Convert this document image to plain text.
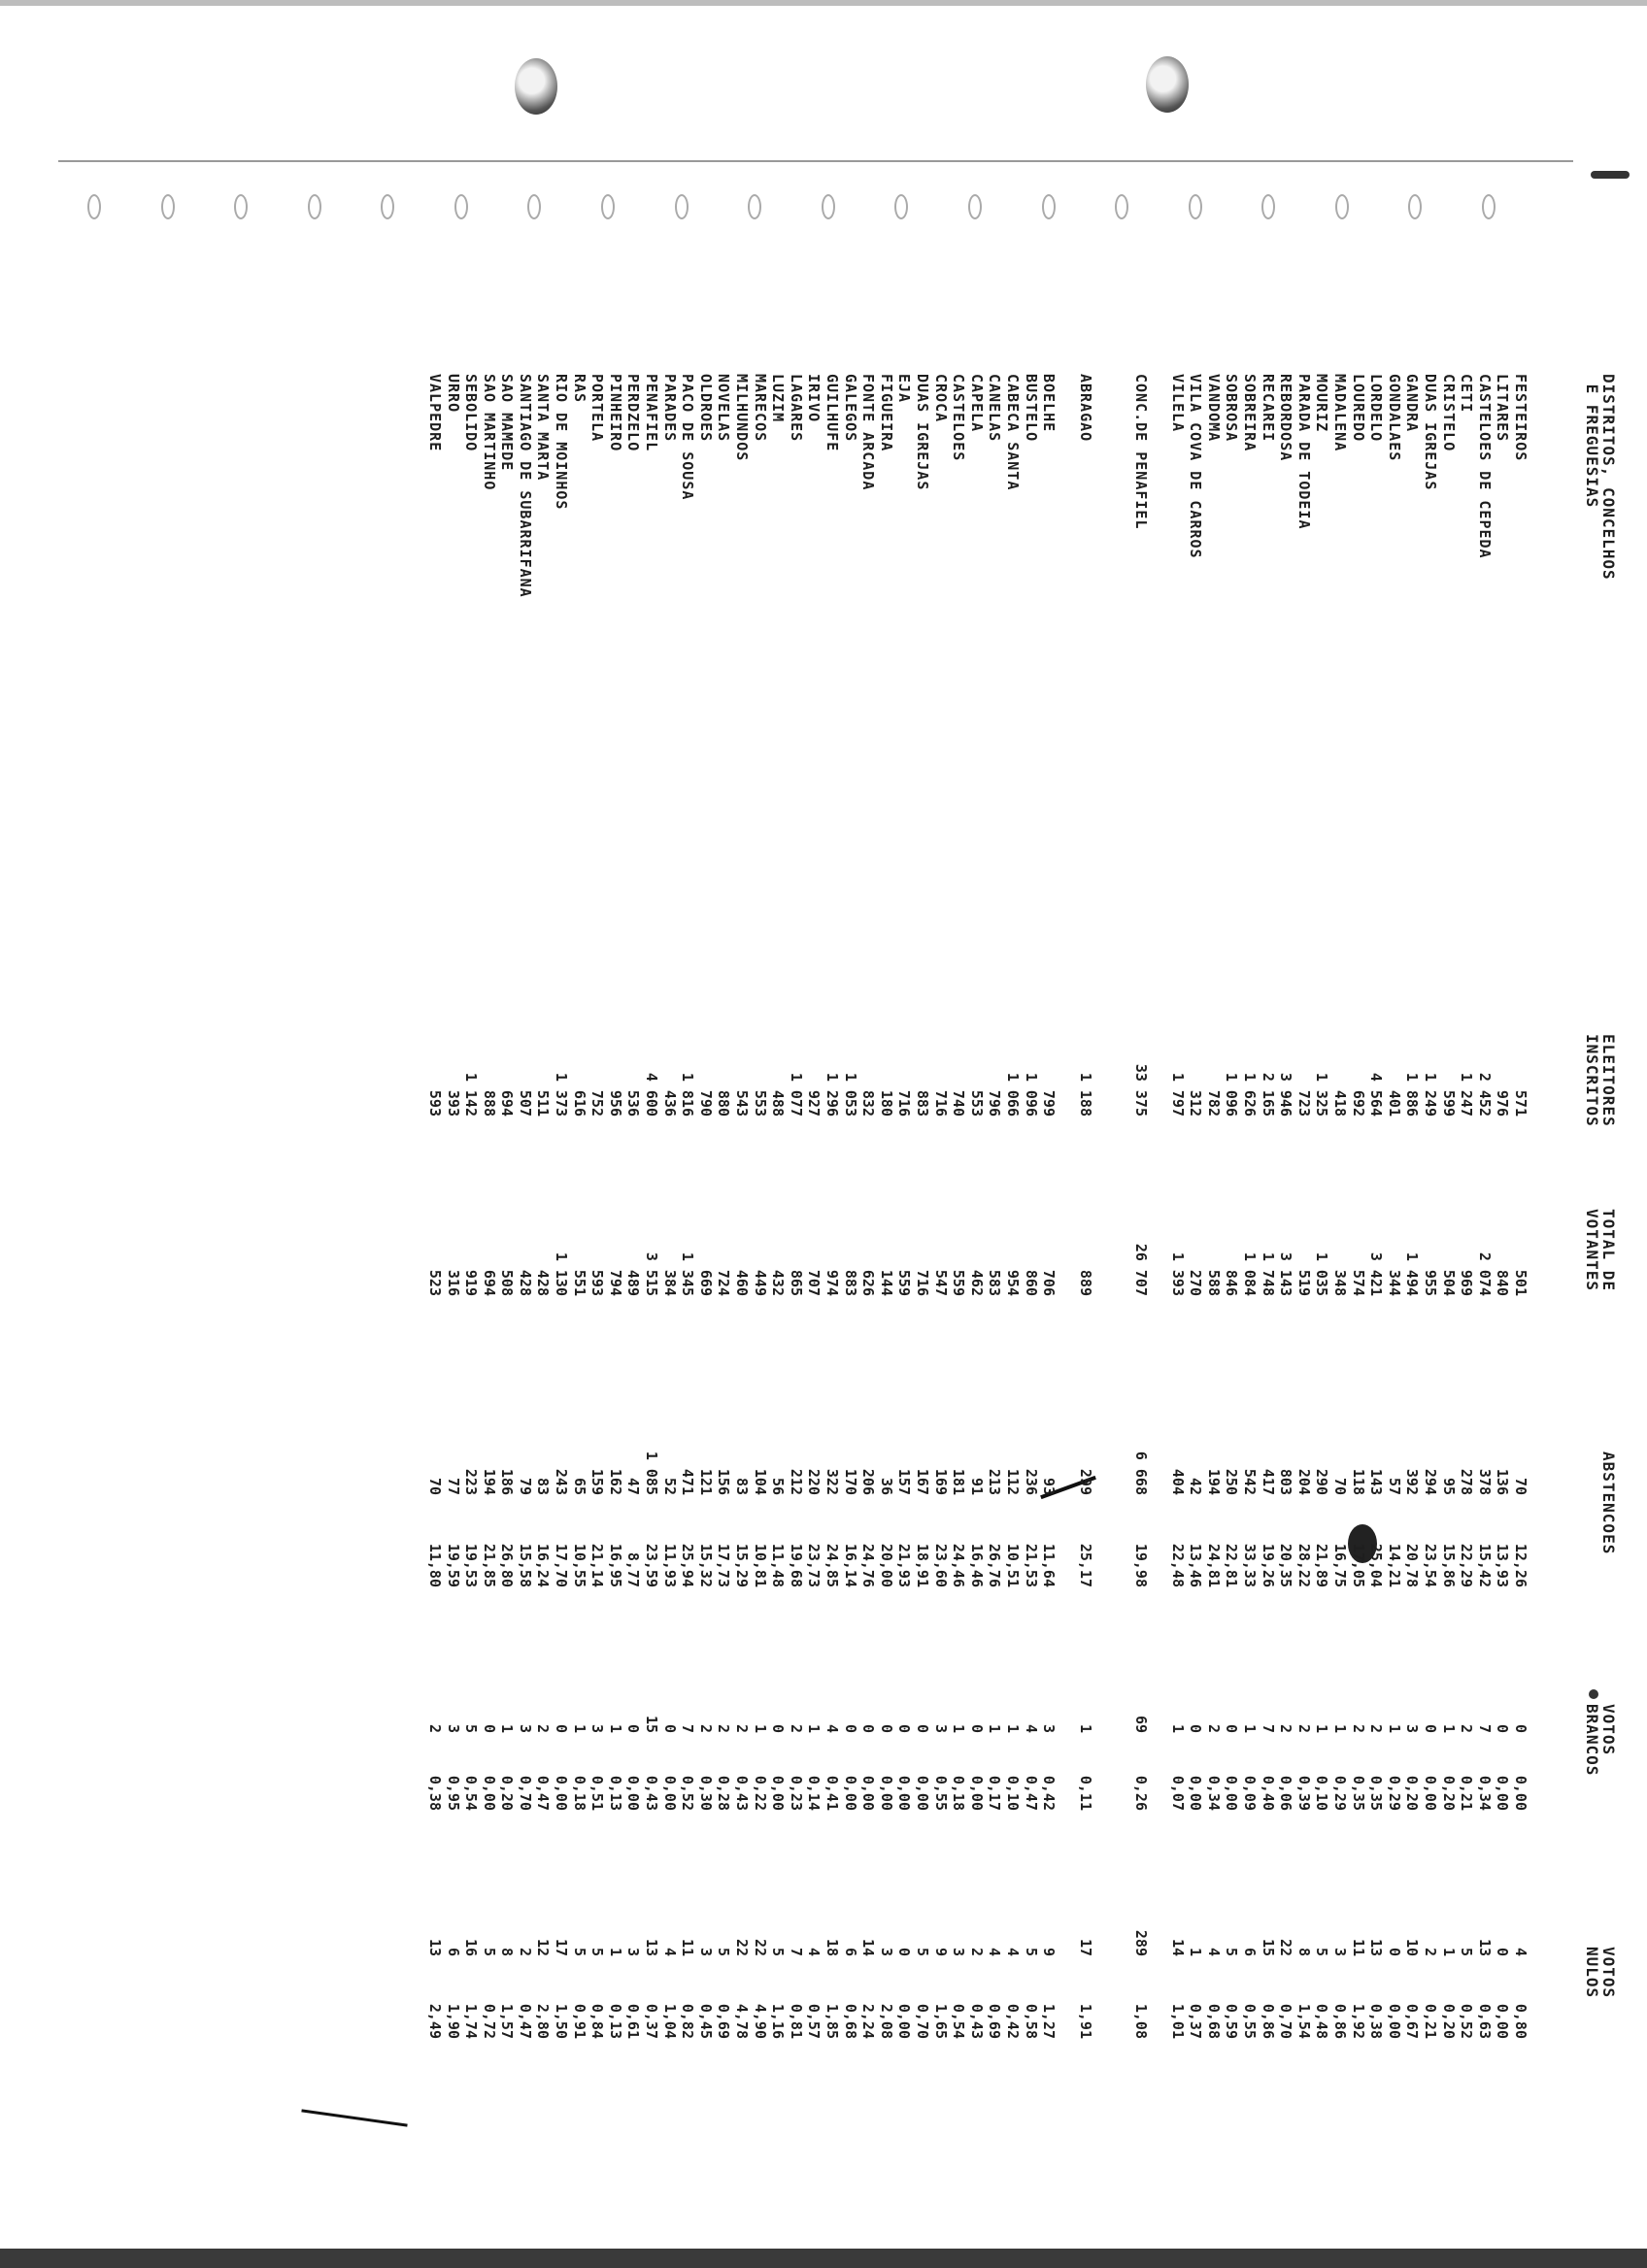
DISTRITOS, CONCELHOS
E FREGUESIAS
ELEITORES
INSCRITOS
TOTAL DE
VOTANTES
ABSTENCOES
VOTOS
BRANCOS
VOTOS
NULOS
FESTEIROS
571
501
70
12,26
0
0,00
4
0,80
LITARES
976
840
136
13,93
0
0,00
0
0,00
CASTELOES DE CEPEDA
2 452
2 074
378
15,42
7
0,34
13
0,63
CETI
1 247
969
278
22,29
2
0,21
5
0,52
CRISTELO
599
504
95
15,86
1
0,20
1
0,20
DUAS IGREJAS
1 249
955
294
23,54
0
0,00
2
0,21
GANDRA
1 886
1 494
392
20,78
3
0,20
10
0,67
GONDALAES
401
344
57
14,21
1
0,29
0
0,00
LORDELO
4 564
3 421
143
25,04
2
0,35
13
0,38
LOUREDO
692
574
118
17,05
2
0,35
11
1,92
MADALENA
418
348
70
16,75
1
0,29
3
0,86
MOURIZ
1 325
1 035
290
21,89
1
0,10
5
0,48
PARADA DE TODEIA
723
519
204
28,22
2
0,39
8
1,54
REBORDOSA
3 946
3 143
803
20,35
2
0,06
22
0,70
RECAREI
2 165
1 748
417
19,26
7
0,40
15
0,86
SOBREIRA
1 626
1 084
542
33,33
1
0,09
6
0,55
SOBROSA
1 096
846
250
22,81
0
0,00
5
0,59
VANDOMA
782
588
194
24,81
2
0,34
4
0,68
VILA COVA DE CARROS
312
270
42
13,46
0
0,00
1
0,37
VILELA
1 797
1 393
404
22,48
1
0,07
14
1,01
CONC.DE PENAFIEL
33 375
26 707
6 668
19,98
69
0,26
289
1,08
ABRAGAO
1 188
889
299
25,17
1
0,11
17
1,91
BOELHE
799
706
93
11,64
3
0,42
9
1,27
BUSTELO
1 096
860
236
21,53
4
0,47
5
0,58
CABECA SANTA
1 066
954
112
10,51
1
0,10
4
0,42
CANELAS
796
583
213
26,76
1
0,17
4
0,69
CAPELA
553
462
91
16,46
0
0,00
2
0,43
CASTELOES
740
559
181
24,46
1
0,18
3
0,54
CROCA
716
547
169
23,60
3
0,55
9
1,65
DUAS IGREJAS
883
716
167
18,91
0
0,00
5
0,70
EJA
716
559
157
21,93
0
0,00
0
0,00
FIGUEIRA
180
144
36
20,00
0
0,00
3
2,08
FONTE ARCADA
832
626
206
24,76
0
0,00
14
2,24
GALEGOS
1 053
883
170
16,14
0
0,00
6
0,68
GUILHUFE
1 296
974
322
24,85
4
0,41
18
1,85
IRIVO
927
707
220
23,73
1
0,14
4
0,57
LAGARES
1 077
865
212
19,68
2
0,23
7
0,81
LUZIM
488
432
56
11,48
0
0,00
5
1,16
MARECOS
553
449
104
10,81
1
0,22
22
4,90
MILHUNDOS
543
460
83
15,29
2
0,43
22
4,78
NOVELAS
880
724
156
17,73
2
0,28
5
0,69
OLDROES
790
669
121
15,32
2
0,30
3
0,45
PACO DE SOUSA
1 816
1 345
471
25,94
7
0,52
11
0,82
PARADES
436
384
52
11,93
0
0,00
4
1,04
PENAFIEL
4 600
3 515
1 085
23,59
15
0,43
13
0,37
PERDZELO
536
489
47
8,77
0
0,00
3
0,61
PINHEIRO
956
794
162
16,95
1
0,13
1
0,13
PORTELA
752
593
159
21,14
3
0,51
5
0,84
RAS
616
551
65
10,55
1
0,18
5
0,91
RIO DE MOINHOS
1 373
1 130
243
17,70
0
0,00
17
1,50
SANTA MARTA
511
428
83
16,24
2
0,47
12
2,80
SANTIAGO DE SUBARRIFANA
507
428
79
15,58
3
0,70
2
0,47
SAO MAMEDE
694
508
186
26,80
1
0,20
8
1,57
SAO MARTINHO
888
694
194
21,85
0
0,00
5
0,72
SEBOLIDO
1 142
919
223
19,53
5
0,54
16
1,74
URRO
393
316
77
19,59
3
0,95
6
1,90
VALPEDRE
593
523
70
11,80
2
0,38
13
2,49
